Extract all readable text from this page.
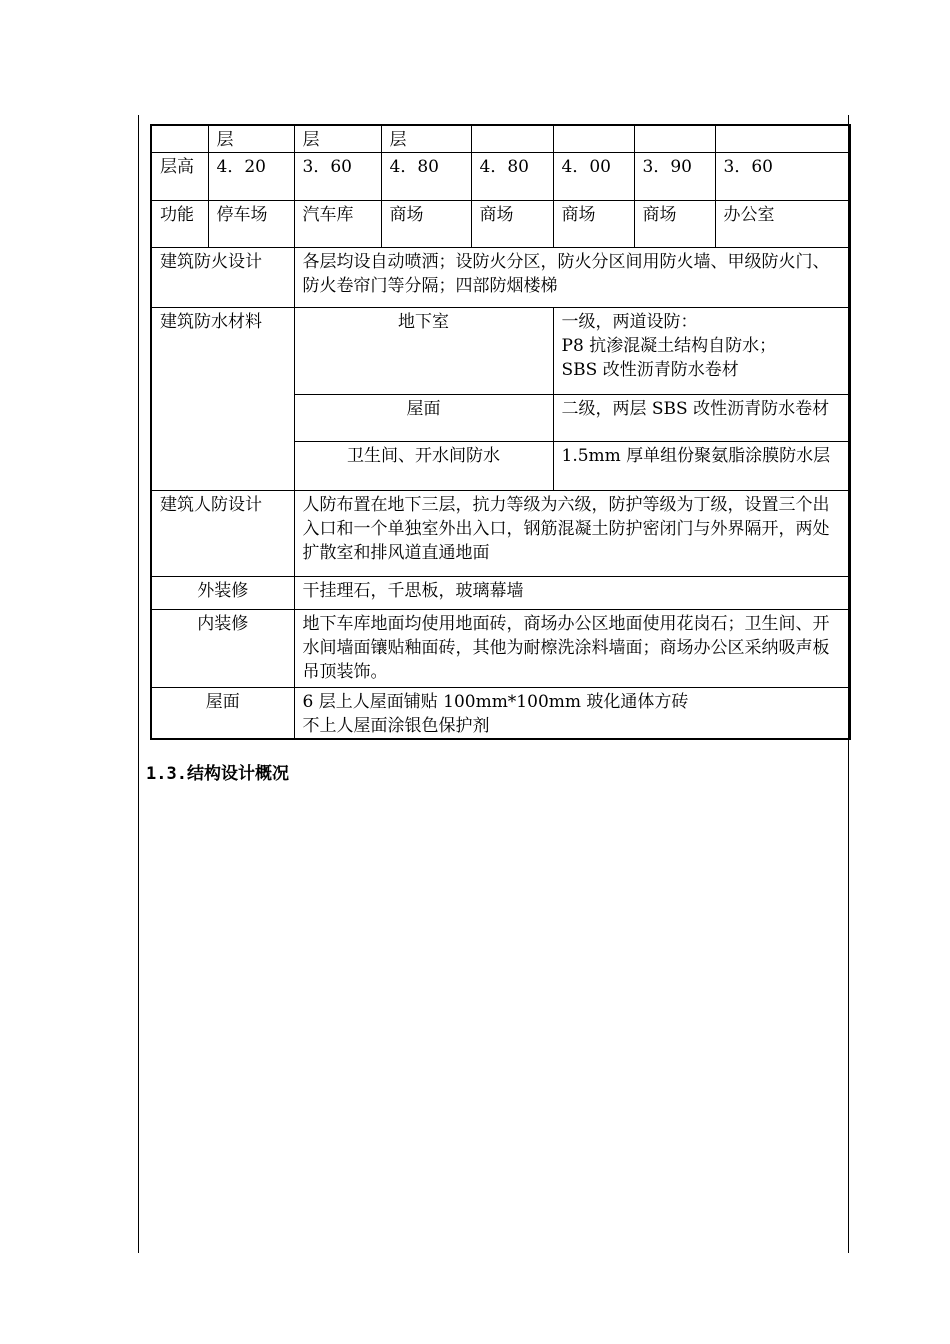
	层	层	层				
层高	4．20	3．60	4．80	4．80	4．00	3．90	3．60
功能	停车场	汽车库	商场	商场	商场	商场	办公室
建筑防火设计		各层均设自动喷洒；设防火分区，防火分区间用防火墙、甲级防火门、防火卷帘门等分隔；四部防烟楼梯					
建筑防水材料		地下室			一级，两道设防：
P8 抗渗混凝土结构自防水；
SBS 改性沥青防水卷材		

		屋面			二级，两层 SBS 改性沥青防水卷材		

		卫生间、开水间防水			1.5mm 厚单组份聚氨脂涂膜防水层		

建筑人防设计		人防布置在地下三层，抗力等级为六级，防护等级为丁级，设置三个出入口和一个单独室外出入口，钢筋混凝土防护密闭门与外界隔开，两处扩散室和排风道直通地面					
外装修		干挂理石，千思板，玻璃幕墙					
内装修		地下车库地面均使用地面砖，商场办公区地面使用花岗石；卫生间、开水间墙面镶贴釉面砖，其他为耐檫洗涂料墙面；商场办公区采纳吸声板吊顶装饰。					
屋面		6 层上人屋面铺贴 100mm*100mm 玻化通体方砖
不上人屋面涂银色保护剂					
1.3.结构设计概况
